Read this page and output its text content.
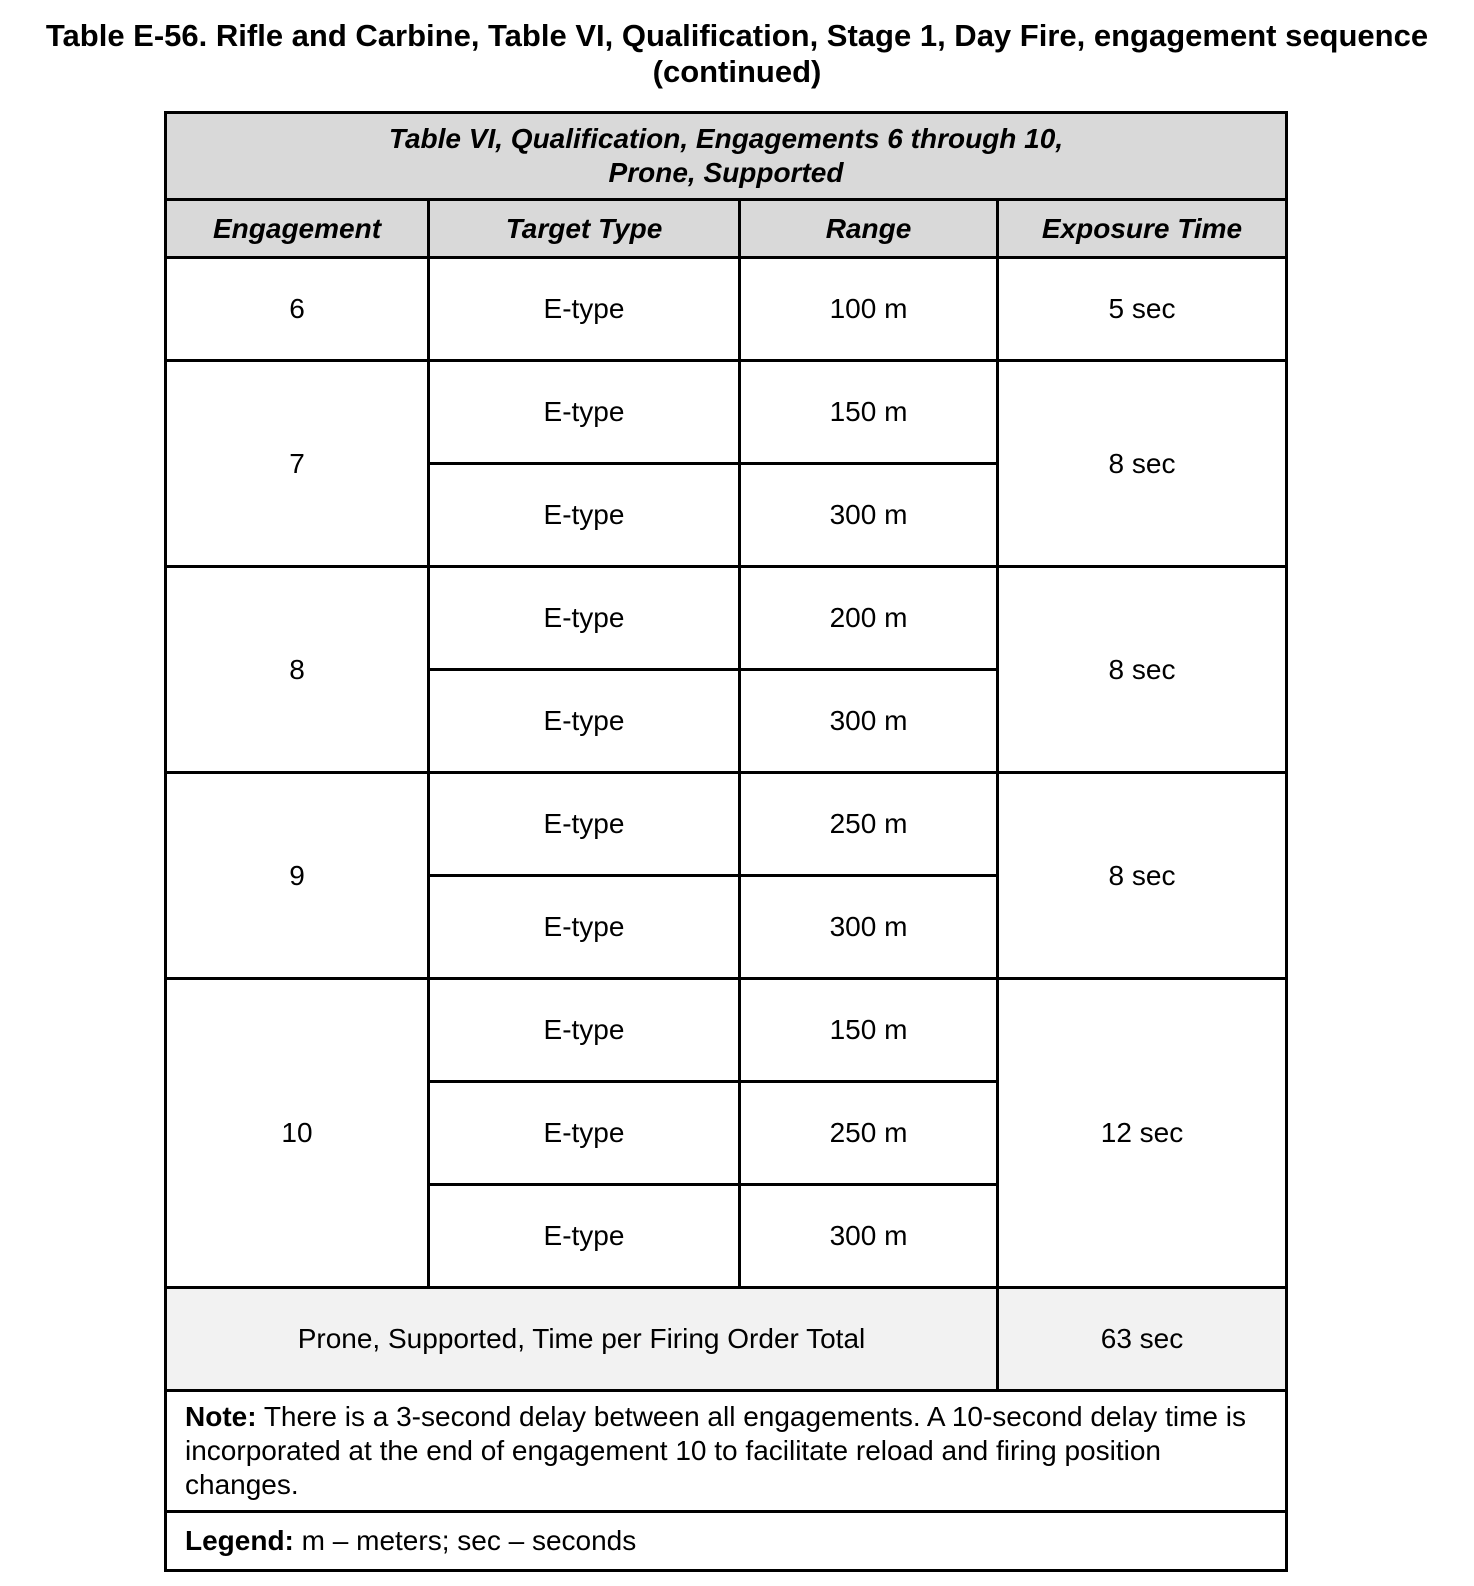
Table E-56. Rifle and Carbine, Table VI, Qualification, Stage 1, Day Fire, engagement sequence
(continued)
Table VI, Qualification, Engagements 6 through 10,
Prone, Supported			

Engagement	Target Type	Range	Exposure Time
6	E-type	100 m	5 sec
7	E-type	150 m	8 sec
	E-type	300 m	
8	E-type	200 m	8 sec
	E-type	300 m	
9	E-type	250 m	8 sec
	E-type	300 m	
10	E-type	150 m	12 sec
	E-type	250 m	
	E-type	300 m	
Prone, Supported, Time per Firing Order Total			63 sec
Note: There is a 3-second delay between all engagements. A 10-second delay time is incorporated at the end of engagement 10 to facilitate reload and firing position changes.			
Legend: m – meters; sec – seconds			
